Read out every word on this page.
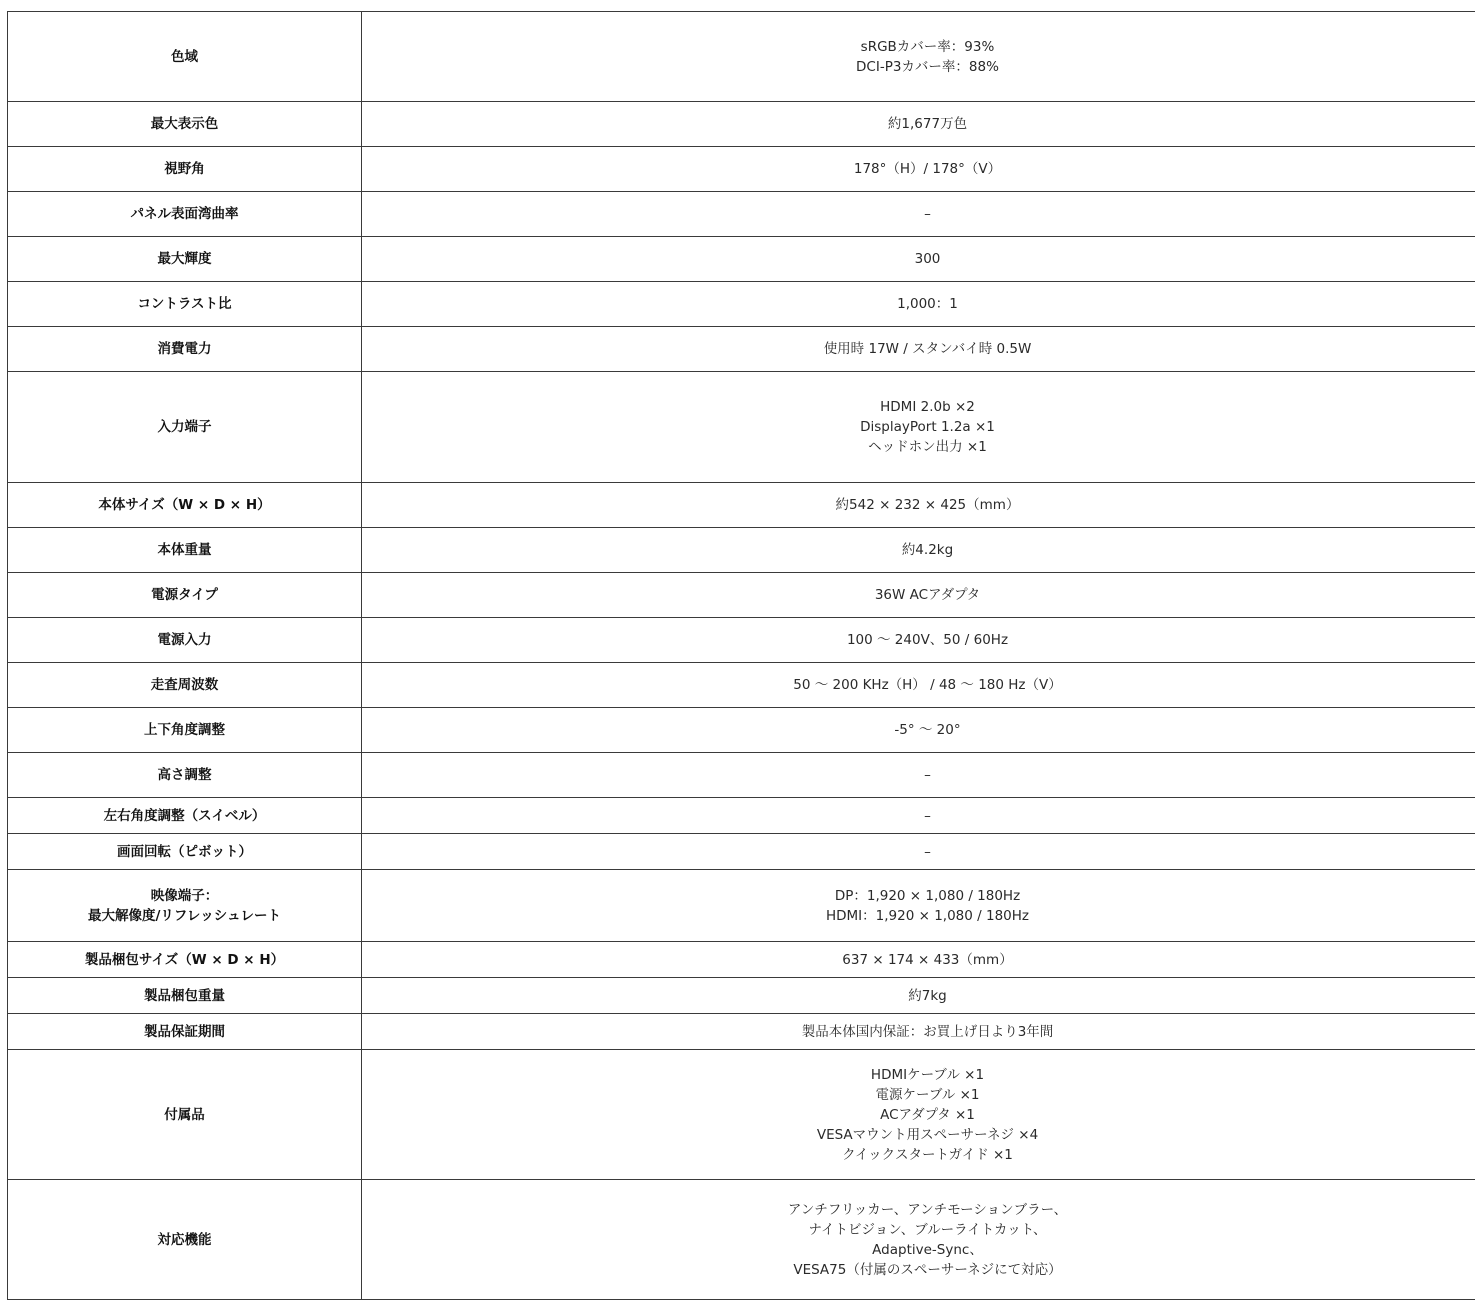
色域	sRGBカバー率：93%
DCI-P3カバー率：88%

最大表示色	約1,677万色

視野角	178°（H）/ 178°（V）

パネル表面湾曲率	–

最大輝度	300

コントラスト比	1,000：1

消費電力	使用時 17W / スタンバイ時 0.5W

入力端子	HDMI 2.0b ×2
DisplayPort 1.2a ×1
ヘッドホン出力 ×1

本体サイズ（W × D × H）	約542 × 232 × 425（mm）

本体重量	約4.2kg

電源タイプ	36W ACアダプタ

電源入力	100 ～ 240V、50 / 60Hz

走査周波数	50 ～ 200 KHz（H） / 48 ～ 180 Hz（V）

上下角度調整	-5° ～ 20°

高さ調整	–

左右角度調整（スイベル）	–

画面回転（ピボット）	–

映像端子：
最大解像度/リフレッシュレート	DP：1,920 × 1,080 / 180Hz
HDMI：1,920 × 1,080 / 180Hz

製品梱包サイズ（W × D × H）	637 × 174 × 433（mm）

製品梱包重量	約7kg

製品保証期間	製品本体国内保証：お買上げ日より3年間

付属品	HDMIケーブル ×1
電源ケーブル ×1
ACアダプタ ×1
VESAマウント用スペーサーネジ ×4
クイックスタートガイド ×1

対応機能	アンチフリッカー、アンチモーションブラー、
ナイトビジョン、ブルーライトカット、
Adaptive-Sync、
VESA75（付属のスペーサーネジにて対応）
